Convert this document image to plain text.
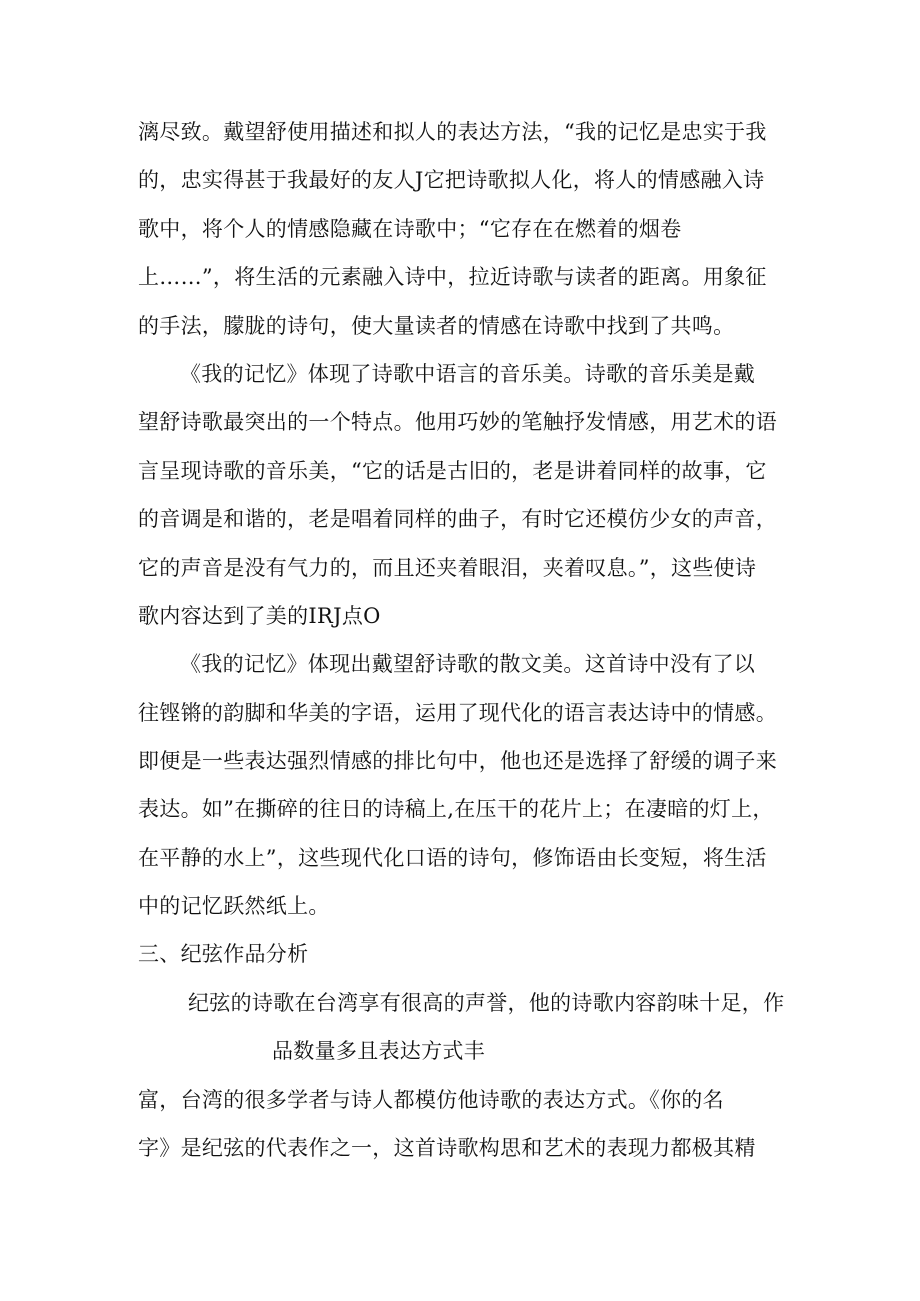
漓尽致。戴望舒使用描述和拟人的表达方法，“我的记忆是忠实于我
的，忠实得甚于我最好的友人J它把诗歌拟人化，将人的情感融入诗
歌中，将个人的情感隐藏在诗歌中；“它存在在燃着的烟卷
上……”，将生活的元素融入诗中，拉近诗歌与读者的距离。用象征
的手法，朦胧的诗句，使大量读者的情感在诗歌中找到了共鸣。
《我的记忆》体现了诗歌中语言的音乐美。诗歌的音乐美是戴
望舒诗歌最突出的一个特点。他用巧妙的笔触抒发情感，用艺术的语
言呈现诗歌的音乐美，“它的话是古旧的，老是讲着同样的故事，它
的音调是和谐的，老是唱着同样的曲子，有时它还模仿少女的声音，
它的声音是没有气力的，而且还夹着眼泪，夹着叹息。”，这些使诗
歌内容达到了美的IRJ点O
《我的记忆》体现出戴望舒诗歌的散文美。这首诗中没有了以
往铿锵的韵脚和华美的字语，运用了现代化的语言表达诗中的情感。
即便是一些表达强烈情感的排比句中，他也还是选择了舒缓的调子来
表达。如”在撕碎的往日的诗稿上,在压干的花片上；在凄暗的灯上，
在平静的水上”，这些现代化口语的诗句，修饰语由长变短，将生活
中的记忆跃然纸上。
三、纪弦作品分析
纪弦的诗歌在台湾享有很高的声誉，他的诗歌内容韵味十足，作
品数量多且表达方式丰
富，台湾的很多学者与诗人都模仿他诗歌的表达方式。《你的名
字》是纪弦的代表作之一，这首诗歌构思和艺术的表现力都极其精
